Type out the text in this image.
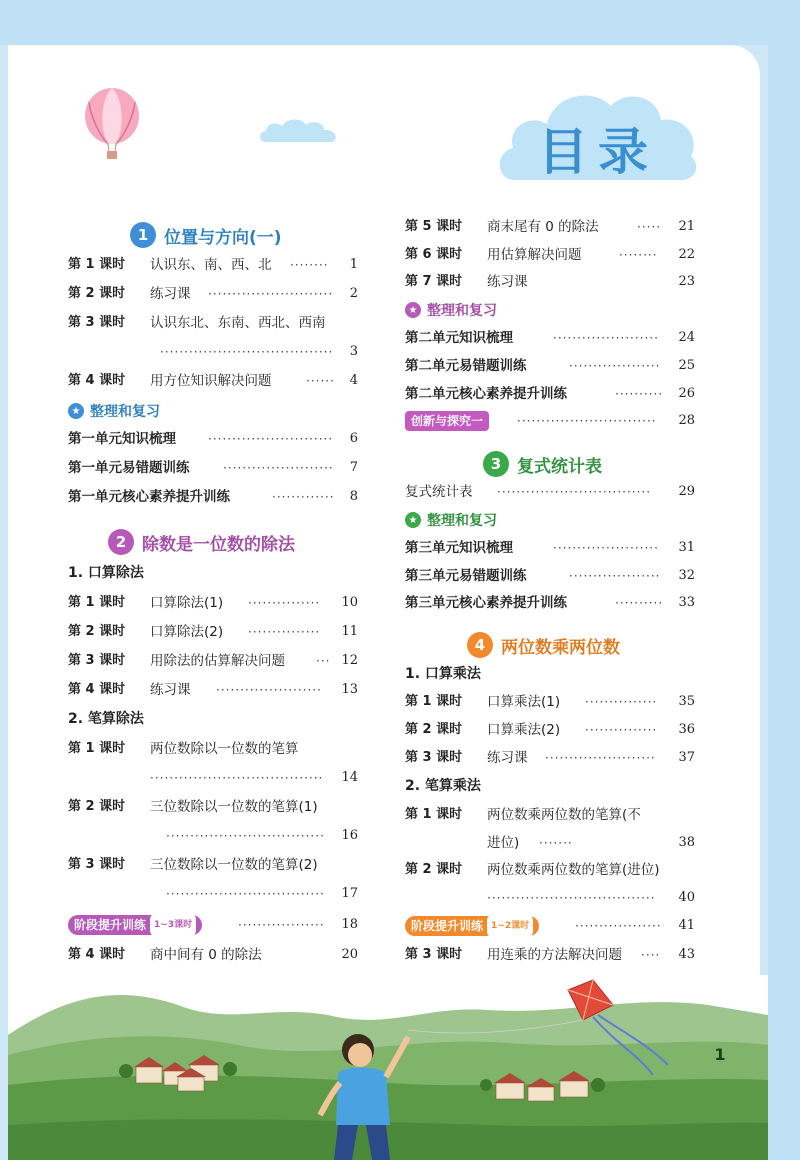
目录
1 位置与方向(一)
第 1 课时 认识东、南、西、北 ········	1
第 2 课时 练习课 ··························	2
第 3 课时 认识东北、东南、西北、西南
····································	3
第 4 课时 用方位知识解决问题	······	4
★ 整理和复习
第一单元知识梳理	··························	6
第一单元易错题训练	·······················	7
第一单元核心素养提升训练	·············	8
2 除数是一位数的除法
1. 口算除法
第 1 课时 口算除法(1) ···············	10
第 2 课时 口算除法(2) ···············	11
第 3 课时 用除法的估算解决问题	··· 12
第 4 课时 练习课 ······················	13
2. 笔算除法
第 1 课时 两位数除以一位数的笔算
····································	14
第 2 课时 三位数除以一位数的笔算(1)
·································	16
第 3 课时 三位数除以一位数的笔算(2)
·································	17
阶段提升训练 1~3课时	··················	18
第 4 课时 商中间有 0 的除法	20
第 5 课时 商末尾有 0 的除法	·····	21
第 6 课时 用估算解决问题	········	22
第 7 课时 练习课	23
★ 整理和复习
第二单元知识梳理	······················	24
第二单元易错题训练	···················	25
第二单元核心素养提升训练	··········	26
创新与探究一	·····························	28
3 复式统计表
复式统计表 ································	29
★ 整理和复习
第三单元知识梳理	······················	31
第三单元易错题训练	···················	32
第三单元核心素养提升训练	··········	33
4 两位数乘两位数
1. 口算乘法
第 1 课时 口算乘法(1) ···············	35
第 2 课时 口算乘法(2) ···············	36
第 3 课时 练习课 ·······················	37
2. 笔算乘法
第 1 课时 两位数乘两位数的笔算(不
进位) ·······	38
第 2 课时 两位数乘两位数的笔算(进位)
···································	40
阶段提升训练 1~2课时	··················	41
第 3 课时 用连乘的方法解决问题 ····	43
1
